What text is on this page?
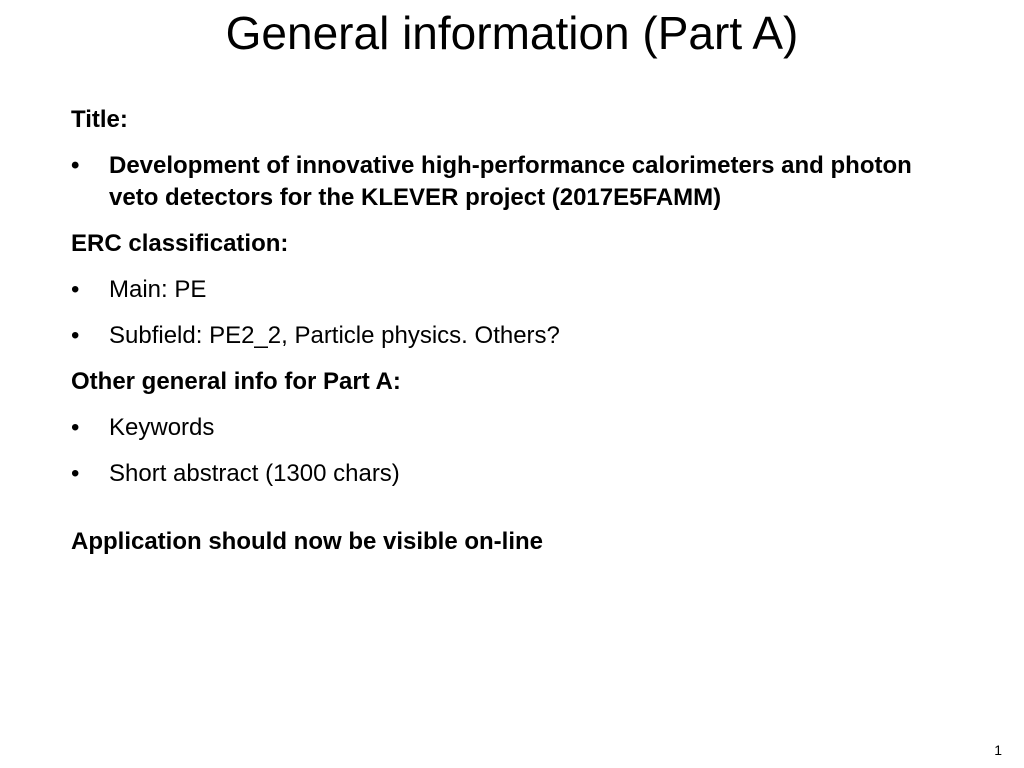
General information (Part A)

Title:

• Development of innovative high-performance calorimeters and photon veto detectors for the KLEVER project (2017E5FAMM)

ERC classification:

• Main: PE
• Subfield: PE2_2, Particle physics. Others?

Other general info for Part A:

• Keywords
• Short abstract (1300 chars)

Application should now be visible on-line

1
